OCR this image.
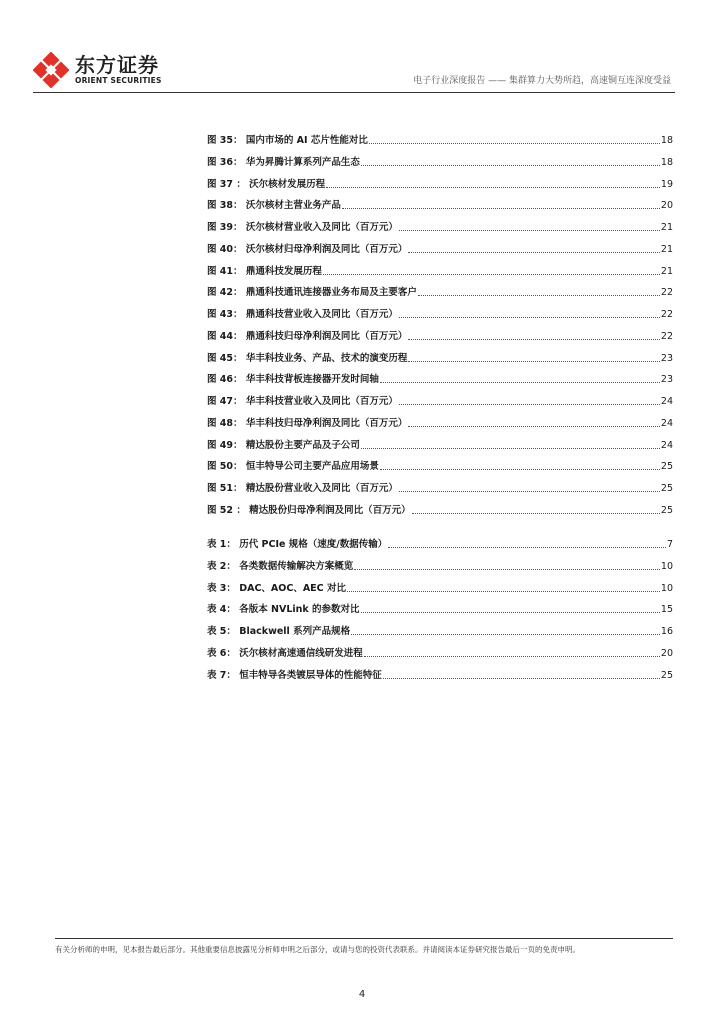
东方证券
ORIENT SECURITIES	电子行业深度报告 —— 集群算力大势所趋，高速铜互连深度受益
图 35： 国内市场的 AI 芯片性能对比	18
图 36： 华为昇腾计算系列产品生态	18
图 37 ： 沃尔核材发展历程	19
图 38： 沃尔核材主营业务产品	20
图 39： 沃尔核材营业收入及同比（百万元）	21
图 40： 沃尔核材归母净利润及同比（百万元）	21
图 41： 鼎通科技发展历程	21
图 42： 鼎通科技通讯连接器业务布局及主要客户	22
图 43： 鼎通科技营业收入及同比（百万元）	22
图 44： 鼎通科技归母净利润及同比（百万元）	22
图 45： 华丰科技业务、产品、技术的演变历程	23
图 46： 华丰科技背板连接器开发时间轴	23
图 47： 华丰科技营业收入及同比（百万元）	24
图 48： 华丰科技归母净利润及同比（百万元）	24
图 49： 精达股份主要产品及子公司	24
图 50： 恒丰特导公司主要产品应用场景	25
图 51： 精达股份营业收入及同比（百万元）	25
图 52 ： 精达股份归母净利润及同比（百万元）	25
表 1： 历代 PCIe 规格（速度/数据传输）	7
表 2： 各类数据传输解决方案概览	10
表 3： DAC、AOC、AEC 对比	10
表 4： 各版本 NVLink 的参数对比	15
表 5： Blackwell 系列产品规格	16
表 6： 沃尔核材高速通信线研发进程	20
表 7： 恒丰特导各类镀层导体的性能特征	25
有关分析师的申明，见本报告最后部分。其他重要信息披露见分析师申明之后部分，或请与您的投资代表联系。并请阅读本证券研究报告最后一页的免责申明。
4
